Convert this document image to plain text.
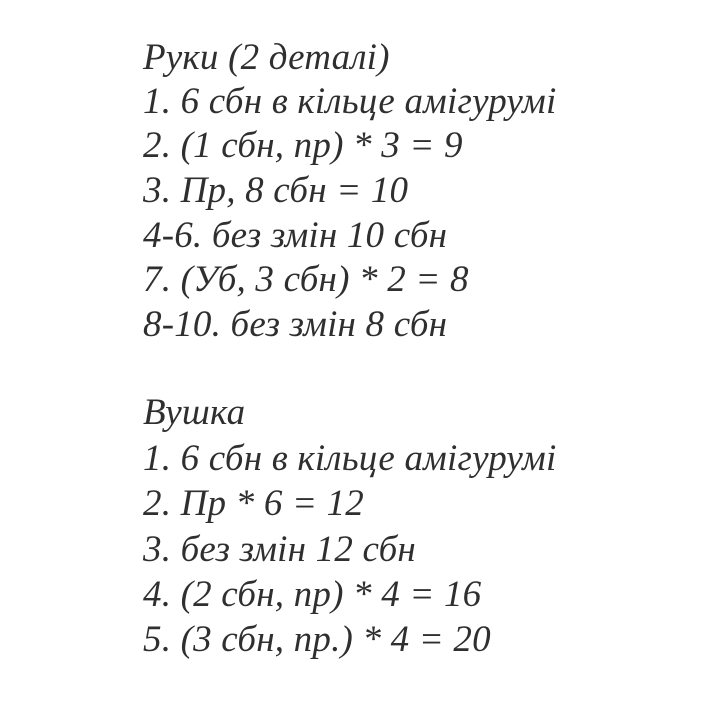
Руки (2 деталі)

1. 6 сбн в кільце амігурумі

2. (1 сбн, пр) * 3 = 9

3. Пр, 8 сбн = 10

4-6. без змін 10 сбн

7. (Уб, 3 сбн) * 2 = 8

8-10. без змін 8 сбн

Вушка

1. 6 сбн в кільце амігурумі

2. Пр * 6 = 12

3. без змін 12 сбн

4. (2 сбн, пр) * 4 = 16

5. (3 сбн, пр.) * 4 = 20
